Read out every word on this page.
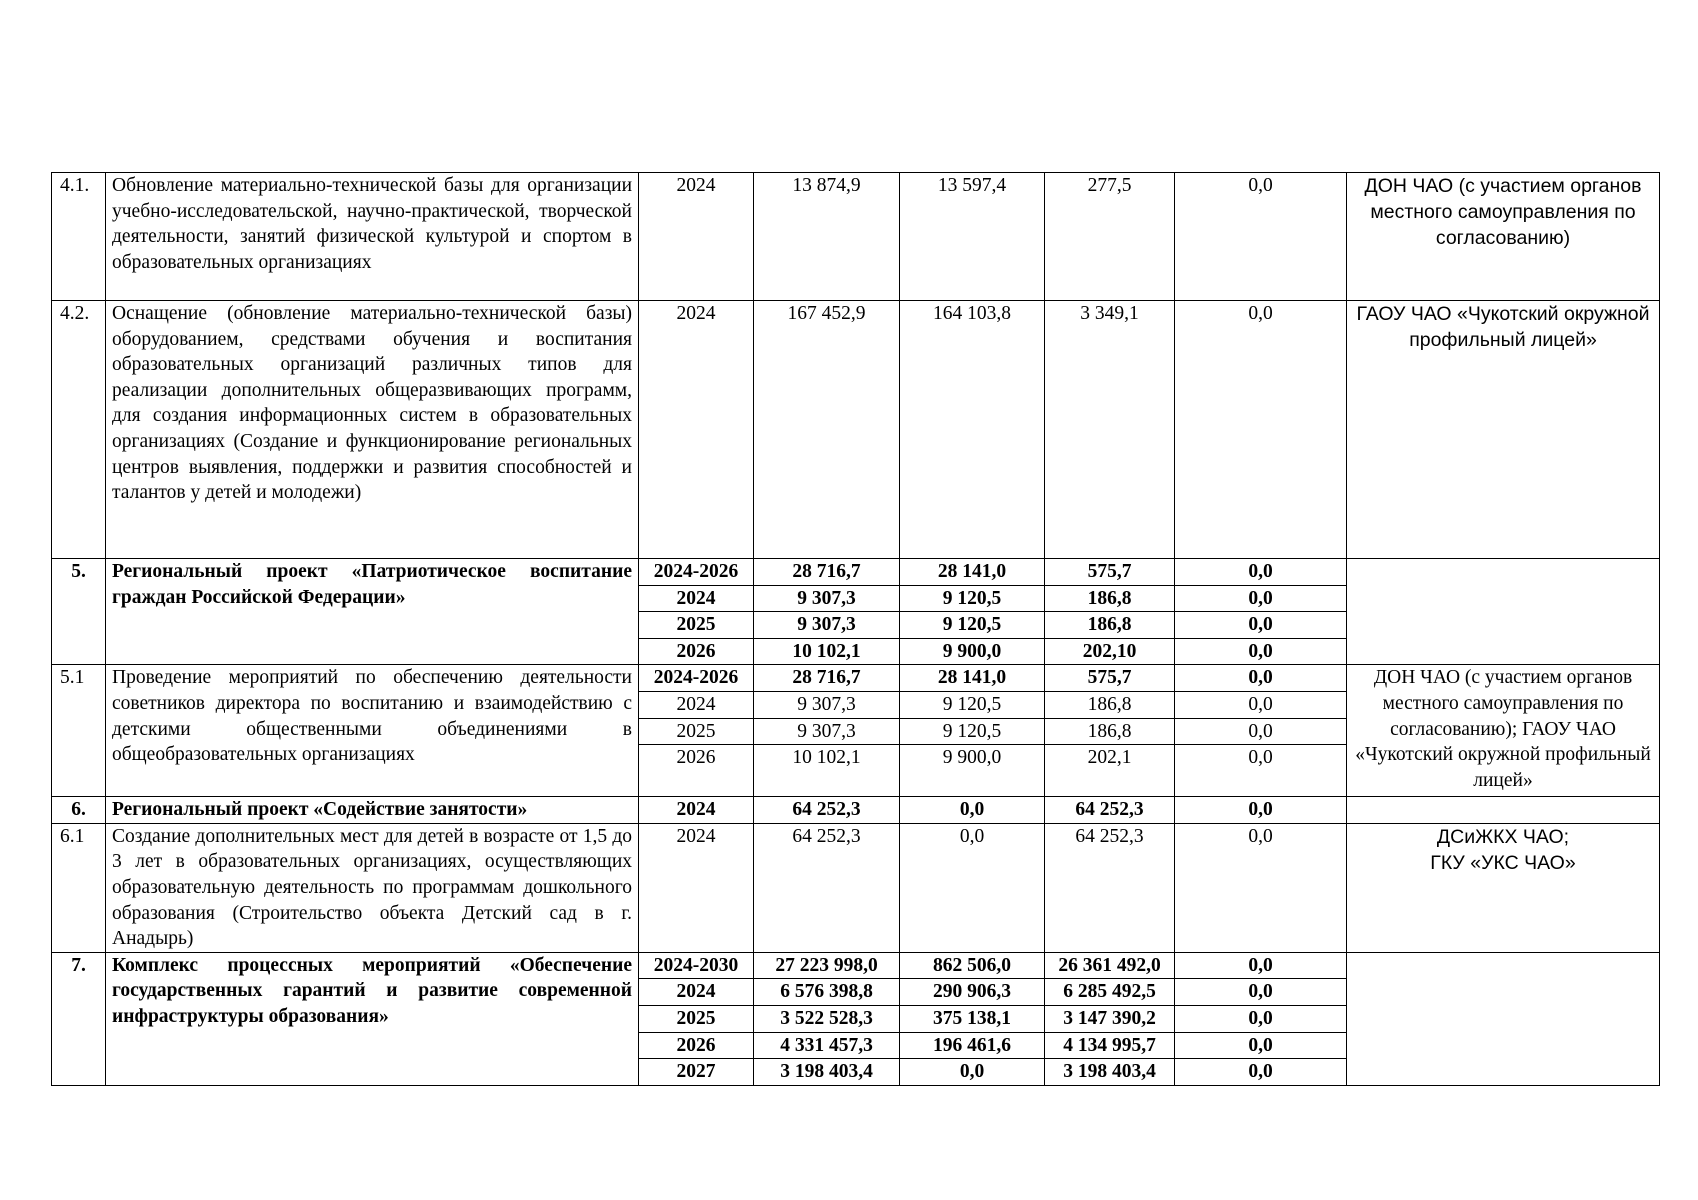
4.1.	Обновление материально-технической базы для организации учебно-исследовательской, научно-практической, творческой деятельности, занятий физической культурой и спортом в образовательных организациях	2024	13 874,9	13 597,4	277,5	0,0	ДОН ЧАО (с участием органов местного самоуправления по согласованию)
4.2.	Оснащение (обновление материально-технической базы) оборудованием, средствами обучения и воспитания образовательных организаций различных типов для реализации дополнительных общеразвивающих программ, для создания информационных систем в образовательных организациях (Создание и функционирование региональных центров выявления, поддержки и развития способностей и талантов у детей и молодежи)	2024	167 452,9	164 103,8	3 349,1	0,0	ГАОУ ЧАО «Чукотский окружной профильный лицей»
5.	Региональный проект «Патриотическое воспитание граждан Российской Федерации»	2024-2026	28 716,7	28 141,0	575,7	0,0	
		2024	9 307,3	9 120,5	186,8	0,0	
		2025	9 307,3	9 120,5	186,8	0,0	
		2026	10 102,1	9 900,0	202,10	0,0	
5.1	Проведение мероприятий по обеспечению деятельности советников директора по воспитанию и взаимодействию с детскими общественными объединениями в общеобразовательных организациях	2024-2026	28 716,7	28 141,0	575,7	0,0	ДОН ЧАО (с участием органов местного самоуправления по согласованию); ГАОУ ЧАО «Чукотский окружной профильный лицей»
		2024	9 307,3	9 120,5	186,8	0,0	
		2025	9 307,3	9 120,5	186,8	0,0	
		2026	10 102,1	9 900,0	202,1	0,0	
6.	Региональный проект «Содействие занятости»	2024	64 252,3	0,0	64 252,3	0,0	
6.1	Создание дополнительных мест для детей в возрасте от 1,5 до 3 лет в образовательных организациях, осуществляющих образовательную деятельность по программам дошкольного образования (Строительство объекта Детский сад в г. Анадырь)	2024	64 252,3	0,0	64 252,3	0,0	ДСиЖКХ ЧАО;
ГКУ «УКС ЧАО»

7.	Комплекс процессных мероприятий «Обеспечение государственных гарантий и развитие современной инфраструктуры образования»	2024-2030	27 223 998,0	862 506,0	26 361 492,0	0,0	
		2024	6 576 398,8	290 906,3	6 285 492,5	0,0	
		2025	3 522 528,3	375 138,1	3 147 390,2	0,0	
		2026	4 331 457,3	196 461,6	4 134 995,7	0,0	
		2027	3 198 403,4	0,0	3 198 403,4	0,0	
